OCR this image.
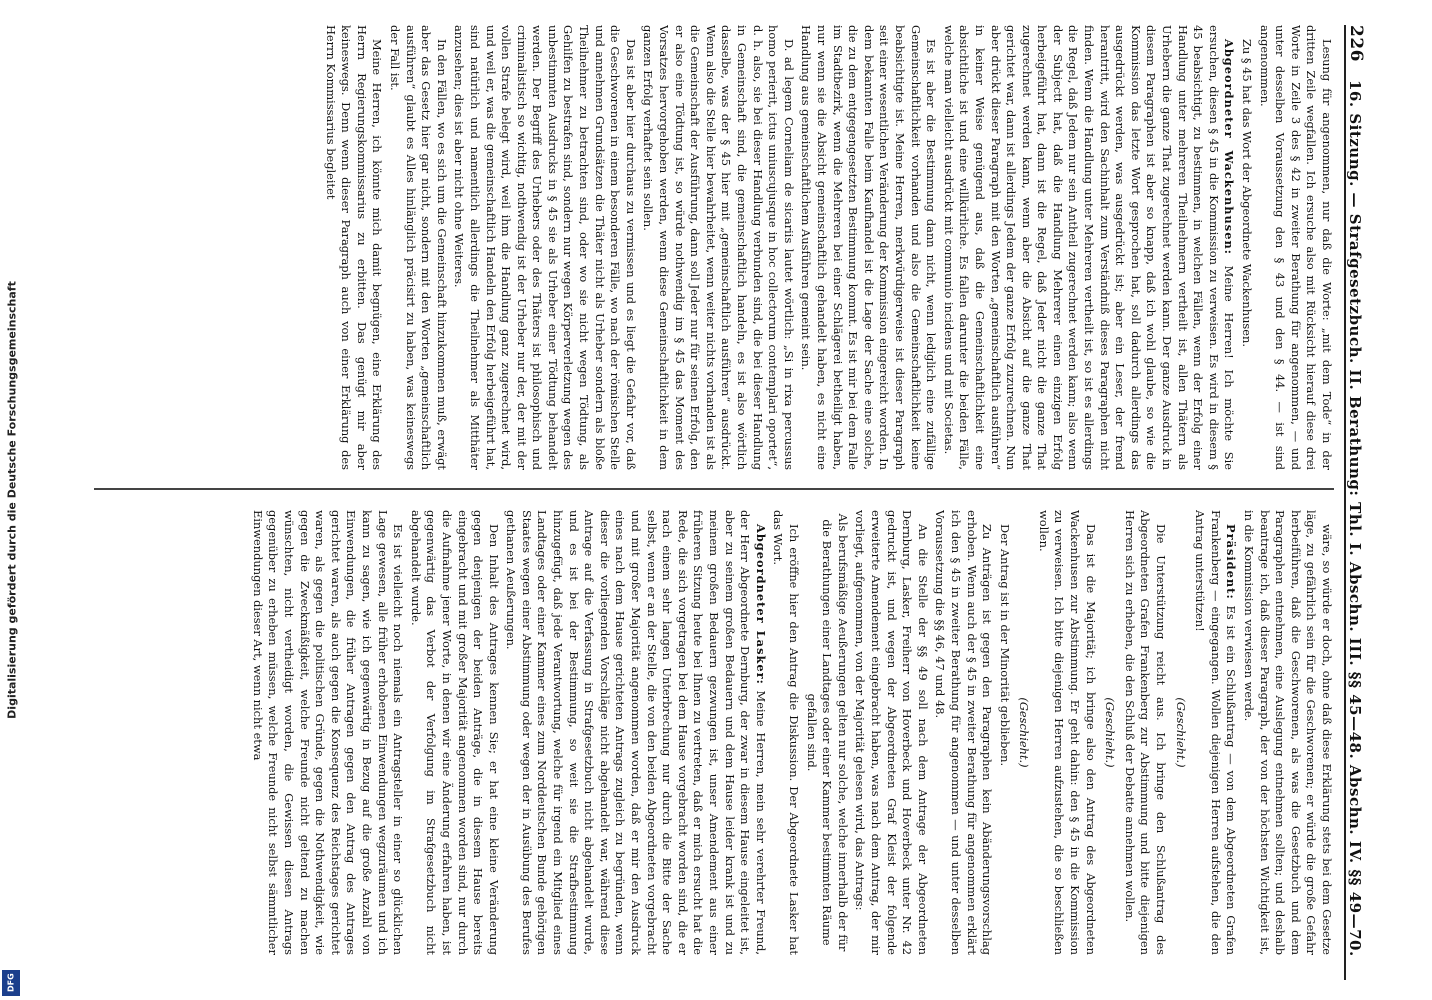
Digitalisierung gefördert durch die Deutsche Forschungsgemeinschaft
DFG
226
16. Sitzung. — Strafgesetzbuch. II. Berathung: Thl. I. Abschn. III. §§ 45—48. Abschn. IV. §§ 49—70.

Lesung für angenommen, nur daß die Worte: „mit dem Tode“ in der dritten Zeile wegfallen. Ich ersuche also mit Rücksicht hierauf diese drei Worte in Zeile 3 des § 42 in zweiter Berathung für angenommen, — und unter desselben Voraussetzung den § 43 und den § 44. — ist sind angenommen.

Zu § 45 hat das Wort der Abgeordnete Wackenhusen.

Abgeordneter Wackenhusen: Meine Herren! Ich möchte Sie ersuchen, diesen § 45 in die Kommission zu verweisen. Es wird in diesem § 45 beabsichtigt, zu bestimmen, in welchen Fällen, wenn der Erfolg einer Handlung unter mehreren Theilnehmern vertheilt ist, allen Thätern als Urhebern die ganze That zugerechnet werden kann. Der ganze Ausdruck in diesem Paragraphen ist aber so knapp, daß ich wohl glaube, so wie die Kommission das letzte Wort gesprochen hat, soll dadurch allerdings das ausgedrückt werden, was ausgedrückt ist; aber ein Leser, der fremd herantritt, wird den Sachinhalt zum Verständniß dieses Paragraphen nicht finden. Wenn die Handlung unter Mehreren vertheilt ist, so ist es allerdings die Regel, daß Jedem nur sein Antheil zugerechnet werden kann; also wenn der Subjectt hat, daß die Handlung Mehrerer einen einzigen Erfolg herbeigeführt hat, dann ist die Regel, daß Jeder nicht die ganze That zugerechnet werden kann, wenn aber die Absicht auf die ganze That gerichtet war, dann ist allerdings Jedem der ganze Erfolg zuzurechnen. Nun aber drückt dieser Paragraph mit den Worten „gemeinschaftlich ausführen“ in keiner Weise genügend aus, daß die Gemeinschaftlichkeit eine absichtliche ist und eine willkürliche. Es fallen darunter die beiden Fälle, welche man vielleicht ausdrückt mit communio incidens und mit Societas.

Es ist aber die Bestimmung dann nicht, wenn lediglich eine zufällige Gemeinschaftlichkeit vorhanden und also die Gemeinschaftlichkeit keine beabsichtigte ist. Meine Herren, merkwürdigerweise ist dieser Paragraph seit einer wesentlichen Veränderung der Kommission eingereicht worden. In dem bekannten Falle beim Kaufhandel ist die Lage der Sache eine solche, die zu dem entgegengesetzten Bestimmung kommt. Es ist mir bei dem Falle im Stadtbezirk, wenn die Mehreren bei einer Schlägerei betheiligt haben, nur wenn sie die Absicht gemeinschaftlich gehandelt haben, es nicht eine Handlung aus gemeinschaftlichem Ausführen gemeint sein.

D. ad legem Corneliam de sicariis lautet wörtlich: „Si in rixa percussus homo perierit, ictus uniuscujusque in hoc collectorum contemplari oportet“, d. h. also, sie bei dieser Handlung verbunden sind, die bei dieser Handlung in Gemeinschaft sind, die gemeinschaftlich handeln, es ist also wörtlich dasselbe, was der § 45 hier mit „gemeinschaftlich ausführen“ ausdrückt. Wenn also die Stelle hier bewahrheitet, wenn weiter nichts vorhanden ist als die Gemeinschaft der Ausführung, dann soll Jeder nur für seinen Erfolg, den er also eine Tödtung ist, so würde nothwendig im § 45 das Moment des Vorsatzes hervorgehoben werden, wenn diese Gemeinschaftlichkeit in dem ganzen Erfolg verhaftet sein sollen.

Das ist aber hier durchaus zu vermissen und es liegt die Gefahr vor, daß die Geschworenen in einem besonderen Fälle, wo nach der römischen Stelle und annehmen Grundsätzen die Thäter nicht als Urheber sondern als bloße Theilnehmer zu betrachten sind, oder wo sie nicht wegen Tödtung, als Gehilfen zu bestrafen sind, sondern nur wegen Körperverletzung wegen des unbestimmten Ausdrucks in § 45 sie als Urheber einer Tödtung behandelt werden. Der Begriff des Urhebers oder des Thäters ist philosophisch und criminalistisch so wichtig, nothwendig ist der Urheber nur der, der mit der vollen Strafe belegt wird, weil ihm die Handlung ganz zugerechnet wird, und weil er, was die gemeinschaftlich Handeln den Erfolg herbeigeführt hat, sind natürlich und namentlich allerdings die Theilnehmer als Mitthäter anzusehen; dies ist aber nicht ohne Weiteres.

In den Fällen, wo es sich um die Gemeinschaft hinzukommen muß, erwägt aber das Gesetz hier gar nicht, sondern mit den Worten „gemeinschaftlich ausführen“ glaubt es Alles hinlänglich präcisirt zu haben, was keineswegs der Fall ist.

Meine Herren, ich könnte mich damit begnügen, eine Erklärung des Herrn Regierungskommissarius zu erbitten. Das genügt mir aber keineswegs. Denn wenn dieser Paragraph auch von einer Erklärung des Herrn Kommissarius begleitet

wäre, so würde er doch, ohne daß diese Erklärung stets bei dem Gesetze läge, zu gefährlich sein für die Geschworenen; er würde die große Gefahr herbeiführen, daß die Geschworenen, als was die Gesetzbuch und dem Paragraphen entnehmen, eine Auslegung entnehmen sollten; und deshalb beantrage ich, daß dieser Paragraph, der von der höchsten Wichtigkeit ist, in die Kommission verwiesen werde.

Präsident: Es ist ein Schlußantrag — von dem Abgeordneten Grafen Frankenberg — eingegangen. Wollen diejenigen Herren aufstehen, die den Antrag unterstützen!

(Geschieht.)

Die Unterstützung reicht aus. Ich bringe den Schlußantrag des Abgeordneten Grafen Frankenberg zur Abstimmung und bitte diejenigen Herren sich zu erheben, die den Schluß der Debatte annehmen wollen.

(Geschieht.)

Das ist die Majorität; ich bringe also den Antrag des Abgeordneten Wackenhusen zur Abstimmung. Er geht dahin: den § 45 in die Kommission zu verweisen. Ich bitte diejenigen Herren aufzustehen, die so beschließen wollen.

(Geschieht.)

Der Antrag ist in der Minorität geblieben.

Zu Anträgen ist gegen den Paragraphen kein Abänderungsvorschlag erhoben. Wenn auch der § 45 in zweiter Berathung für angenommen erklärt ich den § 45 in zweiter Berathung für angenommen — und unter desselben Voraussetzung die §§ 46, 47 und 48.

An die Stelle der §§ 49 soll nach dem Antrage der Abgeordneten Dernburg, Lasker, Freiherr von Hoverbeck und Hoverbeck unter Nr. 42 gedruckt ist, und wegen der Abgeordneten Graf Kleist der folgende erweiterte Amendement eingebracht haben, was nach dem Antrag, der mir vorliegt, aufgenommen, von der Majorität gelesen wird, das Antrags:

Als berufsmäßige Aeußerungen gelten nur solche, welche innerhalb der für die Berathungen einer Landtages oder einer Kammer bestimmten Räume gefallen sind.

Ich eröffne hier den Antrag die Diskussion. Der Abgeordnete Lasker hat das Wort.

Abgeordneter Lasker: Meine Herren, mein sehr verehrter Freund, der Herr Abgeordnete Dernburg, der zwar in diesem Hause eingeleitet ist, aber zu seinem großen Bedauern und dem Hause leider krank ist und zu meinem großen Bedauern gezwungen ist, unser Amendement aus einer früheren Sitzung heute bei Ihnen zu vertreten, daß er mich ersucht hat die Rede, die sich vorgetragen bei dem Hause vorgebracht worden sind, die er nach einem sehr langen Unterbrechung nur durch die Bitte der Sache selbst, wenn er an der Stelle, die von den beiden Abgeordneten vorgebracht und mit großer Majorität angenommen worden, daß er mir den Ausdruck eines nach dem Hause gerichteten Antrags zugleich zu begründen, wenn dieser die vorliegenden Vorschläge nicht abgehandelt war, während diese Antrage auf die Verfassung in Strafgesetzbuch nicht abgehandelt wurde, und es ist bei der Bestimmung, so weit sie die Strafbestimmung hinzugefügt, daß jede Verantwortung, welche für irgend ein Mitglied eines Landtages oder einer Kammer eines zum Norddeutschen Bunde gehörigen Staates wegen einer Abstimmung oder wegen der in Ausübung des Berufes gethanen Aeußerungen.

Den Inhalt des Antrages kennen Sie; er hat eine kleine Veränderung gegen denjenigen der beiden Anträge, die in diesem Hause bereits eingebracht und mit großer Majorität angenommen worden sind, nur durch die Aufnahme jener Worte, in denen wir eine Änderung erfahren haben, ist gegenwärtig das Verbot der Verfolgung im Strafgesetzbuch nicht abgehandelt wurde.

Es ist vielleicht noch niemals ein Antragsteller in einer so glücklichen Lage gewesen, alle früher erhobenen Einwendungen wegzuräumen und ich kann zu sagen, wie ich gegenwärtig in Bezug auf die große Anzahl von Einwendungen, die früher Antragen gegen den Antrag des Antrages gerichtet waren, als auch gegen die Konsequenz des Reichstages gerichtet waren, als gegen die politischen Gründe, gegen die Nothwendigkeit, wie gegen die Zweckmäßigkeit, welche Freunde nicht geltend zu machen wünschten, nicht vertheidigt worden, die Gewissen diesen Antrags gegenüber zu erheben müssen, welche Freunde nicht selbst sämmtlicher Einwendungen dieser Art, wenn nicht etwa
